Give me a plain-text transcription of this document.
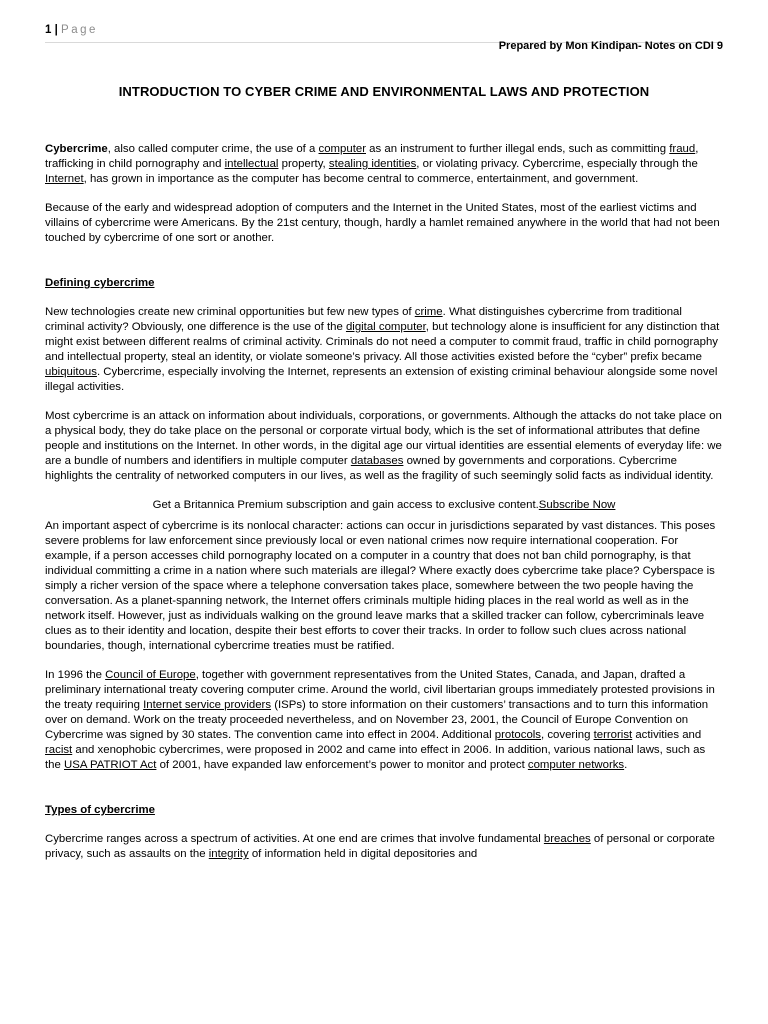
1 | Page
Prepared by Mon Kindipan- Notes on CDI 9
INTRODUCTION TO CYBER CRIME AND ENVIRONMENTAL LAWS AND PROTECTION

Cybercrime, also called computer crime, the use of a computer as an instrument to further illegal ends, such as committing fraud, trafficking in child pornography and intellectual property, stealing identities, or violating privacy. Cybercrime, especially through the Internet, has grown in importance as the computer has become central to commerce, entertainment, and government.

Because of the early and widespread adoption of computers and the Internet in the United States, most of the earliest victims and villains of cybercrime were Americans. By the 21st century, though, hardly a hamlet remained anywhere in the world that had not been touched by cybercrime of one sort or another.

Defining cybercrime

New technologies create new criminal opportunities but few new types of crime. What distinguishes cybercrime from traditional criminal activity? Obviously, one difference is the use of the digital computer, but technology alone is insufficient for any distinction that might exist between different realms of criminal activity. Criminals do not need a computer to commit fraud, traffic in child pornography and intellectual property, steal an identity, or violate someone’s privacy. All those activities existed before the “cyber” prefix became ubiquitous. Cybercrime, especially involving the Internet, represents an extension of existing criminal behaviour alongside some novel illegal activities.

Most cybercrime is an attack on information about individuals, corporations, or governments. Although the attacks do not take place on a physical body, they do take place on the personal or corporate virtual body, which is the set of informational attributes that define people and institutions on the Internet. In other words, in the digital age our virtual identities are essential elements of everyday life: we are a bundle of numbers and identifiers in multiple computer databases owned by governments and corporations. Cybercrime highlights the centrality of networked computers in our lives, as well as the fragility of such seemingly solid facts as individual identity.

Get a Britannica Premium subscription and gain access to exclusive content.Subscribe Now

An important aspect of cybercrime is its nonlocal character: actions can occur in jurisdictions separated by vast distances. This poses severe problems for law enforcement since previously local or even national crimes now require international cooperation. For example, if a person accesses child pornography located on a computer in a country that does not ban child pornography, is that individual committing a crime in a nation where such materials are illegal? Where exactly does cybercrime take place? Cyberspace is simply a richer version of the space where a telephone conversation takes place, somewhere between the two people having the conversation. As a planet-spanning network, the Internet offers criminals multiple hiding places in the real world as well as in the network itself. However, just as individuals walking on the ground leave marks that a skilled tracker can follow, cybercriminals leave clues as to their identity and location, despite their best efforts to cover their tracks. In order to follow such clues across national boundaries, though, international cybercrime treaties must be ratified.

In 1996 the Council of Europe, together with government representatives from the United States, Canada, and Japan, drafted a preliminary international treaty covering computer crime. Around the world, civil libertarian groups immediately protested provisions in the treaty requiring Internet service providers (ISPs) to store information on their customers’ transactions and to turn this information over on demand. Work on the treaty proceeded nevertheless, and on November 23, 2001, the Council of Europe Convention on Cybercrime was signed by 30 states. The convention came into effect in 2004. Additional protocols, covering terrorist activities and racist and xenophobic cybercrimes, were proposed in 2002 and came into effect in 2006. In addition, various national laws, such as the USA PATRIOT Act of 2001, have expanded law enforcement’s power to monitor and protect computer networks.

Types of cybercrime

Cybercrime ranges across a spectrum of activities. At one end are crimes that involve fundamental breaches of personal or corporate privacy, such as assaults on the integrity of information held in digital depositories and
